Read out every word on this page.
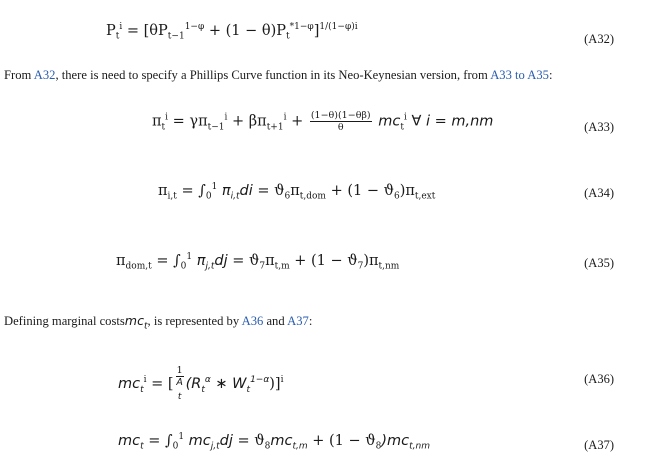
$P_t^i = [\theta P_{t-1}^{1-\varphi} + (1 - \theta)P_t^{*1-\varphi}]^{1/(1-\varphi)i}$
(A32)
From A32, there is need to specify a Phillips Curve function in its Neo-Keynesian version, from A33 to A35:
$\pi_t^i = \gamma\pi_{t-1}^i + \beta\pi_{t+1}^i + \frac{(1-\theta)(1-\theta\beta)}{\theta} mc_t^i$ ∀ i = m,nm	(A33)
$\pi_{i,t} = \int_0^1$ $\pi_{i,t}di = ϑ_6\pi_{t,dom} + (1 - ϑ_6)\pi_{t,ext}$	(A34)
$\pi_{dom,t} = \int_0^1$ $\pi_{j,t}dj = ϑ_7\pi_{t,m} + (1 - ϑ_7)\pi_{t,nm}$	(A35)
Defining marginal costsmc$_t$, is represented by A36 and A37:
$mc_t^i$ = [ 1
A
$_t$ ($R_t^\alpha$ ∗ $W_t^{1-\alpha})]^i$	(A36)
$mc_t = \int_0^1$ $mc_{j,t}dj = ϑ_8mc_{t,m} + (1 - ϑ_8)mc_{t,nm}$	(A37)
